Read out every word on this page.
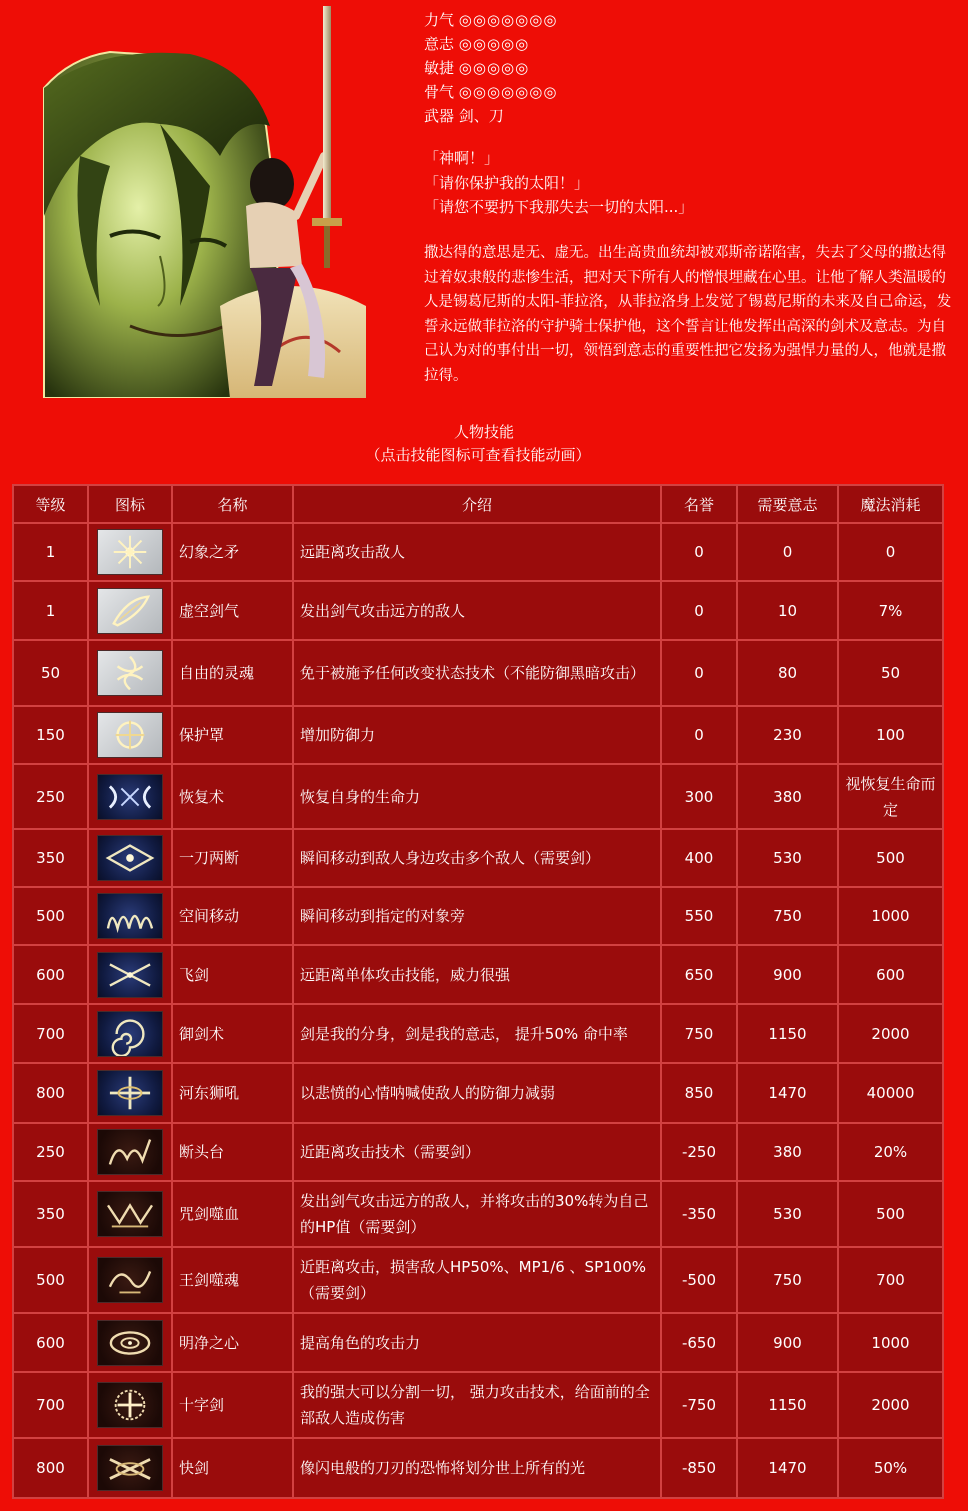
力气 ◎◎◎◎◎◎◎
意志 ◎◎◎◎◎
敏捷 ◎◎◎◎◎
骨气 ◎◎◎◎◎◎◎
武器 剑、刀
「神啊！」
「请你保护我的太阳！」
「请您不要扔下我那失去一切的太阳...」
撒达得的意思是无、虚无。出生高贵血统却被邓斯帝诺陷害，失去了父母的撒达得过着奴隶般的悲惨生活，把对天下所有人的憎恨埋藏在心里。让他了解人类温暖的人是锡葛尼斯的太阳-菲拉洛，从菲拉洛身上发觉了锡葛尼斯的未来及自己命运，发誓永远做菲拉洛的守护骑士保护他，这个誓言让他发挥出高深的剑术及意志。为自己认为对的事付出一切，领悟到意志的重要性把它发扬为强悍力量的人，他就是撒拉得。
人物技能
（点击技能图标可查看技能动画）
等级	图标	名称	介绍	名誉	需要意志	魔法消耗
1		幻象之矛	远距离攻击敌人	0	0	0
1		虚空剑气	发出剑气攻击远方的敌人	0	10	7%
50		自由的灵魂	免于被施予任何改变状态技术（不能防御黑暗攻击）	0	80	50
150		保护罩	增加防御力	0	230	100
250		恢复术	恢复自身的生命力	300	380	视恢复生命而定
350		一刀两断	瞬间移动到敌人身边攻击多个敌人（需要剑）	400	530	500
500		空间移动	瞬间移动到指定的对象旁	550	750	1000
600		飞剑	远距离单体攻击技能，威力很强	650	900	600
700		御剑术	剑是我的分身，剑是我的意志， 提升50% 命中率	750	1150	2000
800		河东狮吼	以悲愤的心情呐喊使敌人的防御力减弱	850	1470	40000
250		断头台	近距离攻击技术（需要剑）	-250	380	20%
350		咒剑噬血	发出剑气攻击远方的敌人，并将攻击的30%转为自己的HP值（需要剑）	-350	530	500
500		王剑噬魂	近距离攻击，损害敌人HP50%、MP1/6 、SP100%（需要剑）	-500	750	700
600		明净之心	提高角色的攻击力	-650	900	1000
700		十字剑	我的强大可以分割一切， 强力攻击技术，给面前的全部敌人造成伤害	-750	1150	2000
800		快剑	像闪电般的刀刃的恐怖将划分世上所有的光	-850	1470	50%
